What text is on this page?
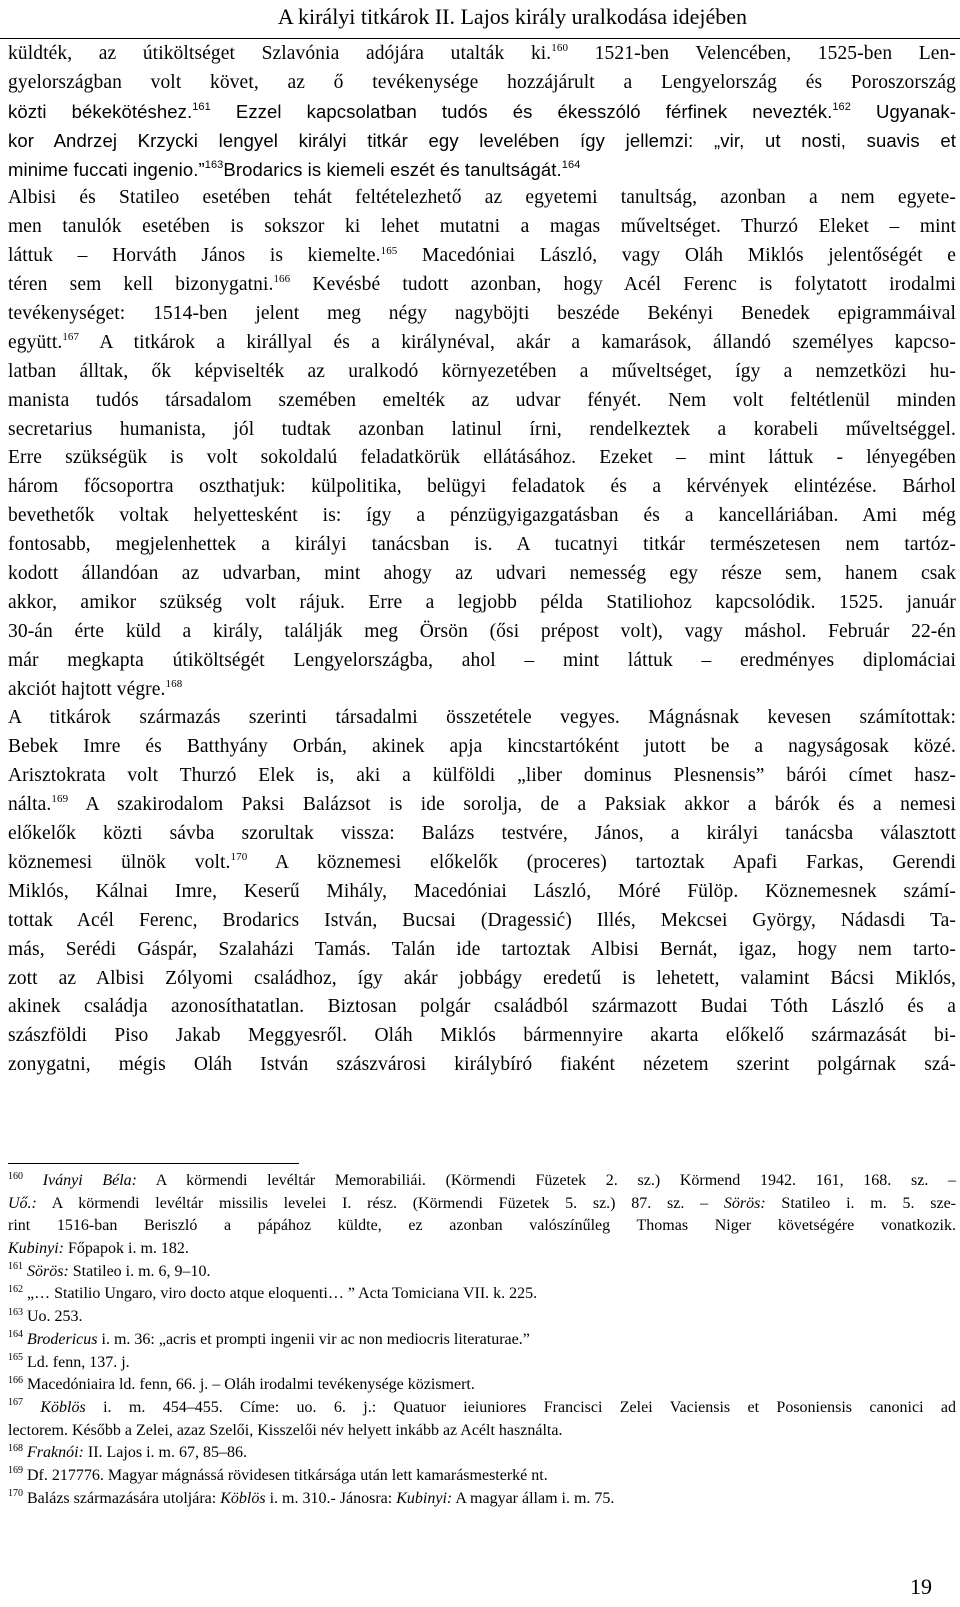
A királyi titkárok II. Lajos király uralkodása idejében
küldték, az útiköltséget Szlavónia adójára utalták ki.$^{160}$ 1521-ben Velencében, 1525-ben Len-
gyelországban volt követ, az ő tevékenysége hozzájárult a Lengyelország és Poroszország
közti békekötéshez.$^{161}$ Ezzel kapcsolatban tudós és ékesszóló férfinek nevezték.$^{162}$ Ugyanak-
kor Andrzej Krzycki lengyel királyi titkár egy levelében így jellemzi: „vir, ut nosti, suavis et
minime fuccati ingenio.”$^{163}$Brodarics is kiemeli eszét és tanultságát.$^{164}$
Albisi és Statileo esetében tehát feltételezhető az egyetemi tanultság, azonban a nem egyete-
men tanulók esetében is sokszor ki lehet mutatni a magas műveltséget. Thurzó Eleket – mint
láttuk – Horváth János is kiemelte.$^{165}$ Macedóniai László, vagy Oláh Miklós jelentőségét e
téren sem kell bizonygatni.$^{166}$ Kevésbé tudott azonban, hogy Acél Ferenc is folytatott irodalmi
tevékenységet: 1514-ben jelent meg négy nagyböjti beszéde Bekényi Benedek epigrammáival
együtt.$^{167}$ A titkárok a királlyal és a királynéval, akár a kamarások, állandó személyes kapcso-
latban álltak, ők képviselték az uralkodó környezetében a műveltséget, így a nemzetközi hu-
manista tudós társadalom szemében emelték az udvar fényét. Nem volt feltétlenül minden
secretarius humanista, jól tudtak azonban latinul írni, rendelkeztek a korabeli műveltséggel.
Erre szükségük is volt sokoldalú feladatkörük ellátásához. Ezeket – mint láttuk - lényegében
három főcsoportra oszthatjuk: külpolitika, belügyi feladatok és a kérvények elintézése. Bárhol
bevethetők voltak helyettesként is: így a pénzügyigazgatásban és a kancelláriában. Ami még
fontosabb, megjelenhettek a királyi tanácsban is. A tucatnyi titkár természetesen nem tartóz-
kodott állandóan az udvarban, mint ahogy az udvari nemesség egy része sem, hanem csak
akkor, amikor szükség volt rájuk. Erre a legjobb példa Statiliohoz kapcsolódik. 1525. január
30-án érte küld a király, találják meg Örsön (ősi prépost volt), vagy máshol. Február 22-én
már megkapta útiköltségét Lengyelországba, ahol – mint láttuk – eredményes diplomáciai
akciót hajtott végre.$^{168}$
A titkárok származás szerinti társadalmi összetétele vegyes. Mágnásnak kevesen számítottak:
Bebek Imre és Batthyány Orbán, akinek apja kincstartóként jutott be a nagyságosak közé.
Arisztokrata volt Thurzó Elek is, aki a külföldi „liber dominus Plesnensis” bárói címet hasz-
nálta.$^{169}$ A szakirodalom Paksi Balázsot is ide sorolja, de a Paksiak akkor a bárók és a nemesi
előkelők közti sávba szorultak vissza: Balázs testvére, János, a királyi tanácsba választott
köznemesi ülnök volt.$^{170}$ A köznemesi előkelők (proceres) tartoztak Apafi Farkas, Gerendi
Miklós, Kálnai Imre, Keserű Mihály, Macedóniai László, Móré Fülöp. Köznemesnek számí-
tottak Acél Ferenc, Brodarics István, Bucsai (Dragessić) Illés, Mekcsei György, Nádasdi Ta-
más, Serédi Gáspár, Szalaházi Tamás. Talán ide tartoztak Albisi Bernát, igaz, hogy nem tarto-
zott az Albisi Zólyomi családhoz, így akár jobbágy eredetű is lehetett, valamint Bácsi Miklós,
akinek családja azonosíthatatlan. Biztosan polgár családból származott Budai Tóth László és a
szászföldi Piso Jakab Meggyesről. Oláh Miklós bármennyire akarta előkelő származását bi-
zonygatni, mégis Oláh István szászvárosi királybíró fiaként nézetem szerint polgárnak szá-
$^{160}$ Iványi Béla: A körmendi levéltár Memorabiliái. (Körmendi Füzetek 2. sz.) Körmend 1942. 161, 168. sz. –
Uő.: A körmendi levéltár missilis levelei I. rész. (Körmendi Füzetek 5. sz.) 87. sz. – Sörös: Statileo i. m. 5. sze-
rint 1516-ban Beriszló a pápához küldte, ez azonban valószínűleg Thomas Niger követségére vonatkozik.
Kubinyi: Főpapok i. m. 182.
$^{161}$ Sörös: Statileo i. m. 6, 9–10.
$^{162}$ „… Statilio Ungaro, viro docto atque eloquenti… ” Acta Tomiciana VII. k. 225.
$^{163}$ Uo. 253.
$^{164}$ Brodericus i. m. 36: „acris et prompti ingenii vir ac non mediocris literaturae.”
$^{165}$ Ld. fenn, 137. j.
$^{166}$ Macedóniaira ld. fenn, 66. j. – Oláh irodalmi tevékenysége közismert.
$^{167}$ Köblös i. m. 454–455. Címe: uo. 6. j.: Quatuor ieiuniores Francisci Zelei Vaciensis et Posoniensis canonici ad
lectorem. Később a Zelei, azaz Szelői, Kisszelői név helyett inkább az Acélt használta.
$^{168}$ Fraknói: II. Lajos i. m. 67, 85–86.
$^{169}$ Df. 217776. Magyar mágnássá rövidesen titkársága után lett kamarásmesterké nt.
$^{170}$ Balázs származására utoljára: Köblös i. m. 310.- Jánosra: Kubinyi: A magyar állam i. m. 75.
19
